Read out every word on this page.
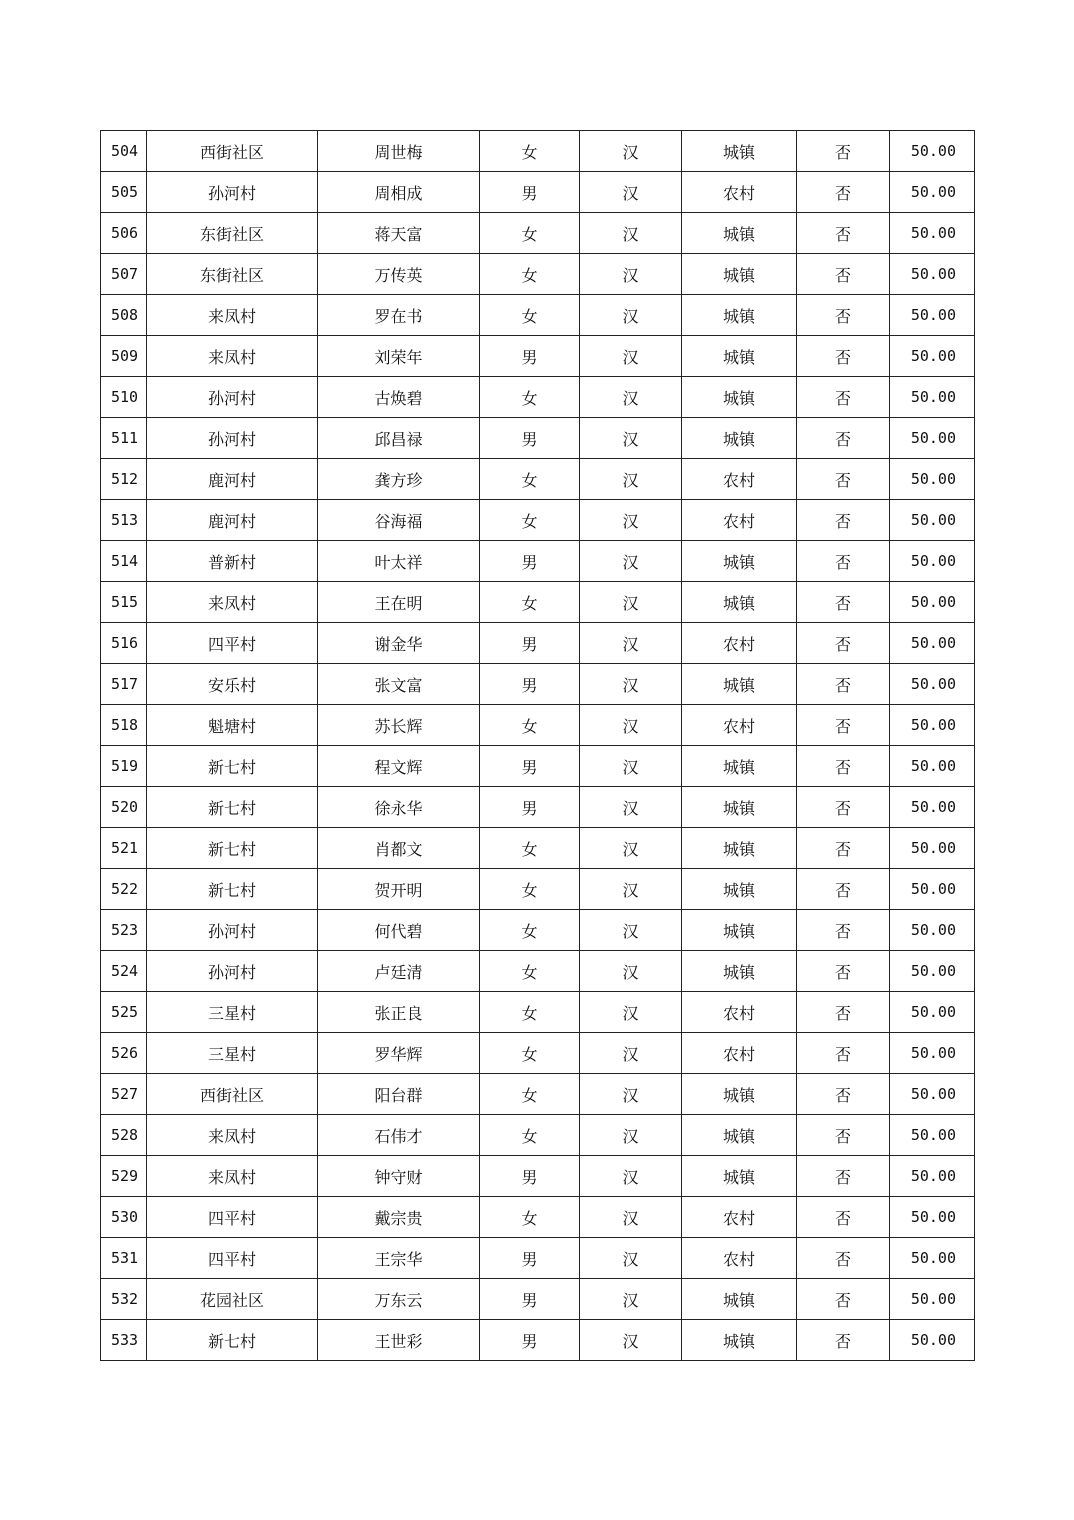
504	西街社区	周世梅	女	汉	城镇	否	50.00
505	孙河村	周相成	男	汉	农村	否	50.00
506	东街社区	蒋天富	女	汉	城镇	否	50.00
507	东街社区	万传英	女	汉	城镇	否	50.00
508	来凤村	罗在书	女	汉	城镇	否	50.00
509	来凤村	刘荣年	男	汉	城镇	否	50.00
510	孙河村	古焕碧	女	汉	城镇	否	50.00
511	孙河村	邱昌禄	男	汉	城镇	否	50.00
512	鹿河村	龚方珍	女	汉	农村	否	50.00
513	鹿河村	谷海福	女	汉	农村	否	50.00
514	普新村	叶太祥	男	汉	城镇	否	50.00
515	来凤村	王在明	女	汉	城镇	否	50.00
516	四平村	谢金华	男	汉	农村	否	50.00
517	安乐村	张文富	男	汉	城镇	否	50.00
518	魁塘村	苏长辉	女	汉	农村	否	50.00
519	新七村	程文辉	男	汉	城镇	否	50.00
520	新七村	徐永华	男	汉	城镇	否	50.00
521	新七村	肖都文	女	汉	城镇	否	50.00
522	新七村	贺开明	女	汉	城镇	否	50.00
523	孙河村	何代碧	女	汉	城镇	否	50.00
524	孙河村	卢廷清	女	汉	城镇	否	50.00
525	三星村	张正良	女	汉	农村	否	50.00
526	三星村	罗华辉	女	汉	农村	否	50.00
527	西街社区	阳台群	女	汉	城镇	否	50.00
528	来凤村	石伟才	女	汉	城镇	否	50.00
529	来凤村	钟守财	男	汉	城镇	否	50.00
530	四平村	戴宗贵	女	汉	农村	否	50.00
531	四平村	王宗华	男	汉	农村	否	50.00
532	花园社区	万东云	男	汉	城镇	否	50.00
533	新七村	王世彩	男	汉	城镇	否	50.00
